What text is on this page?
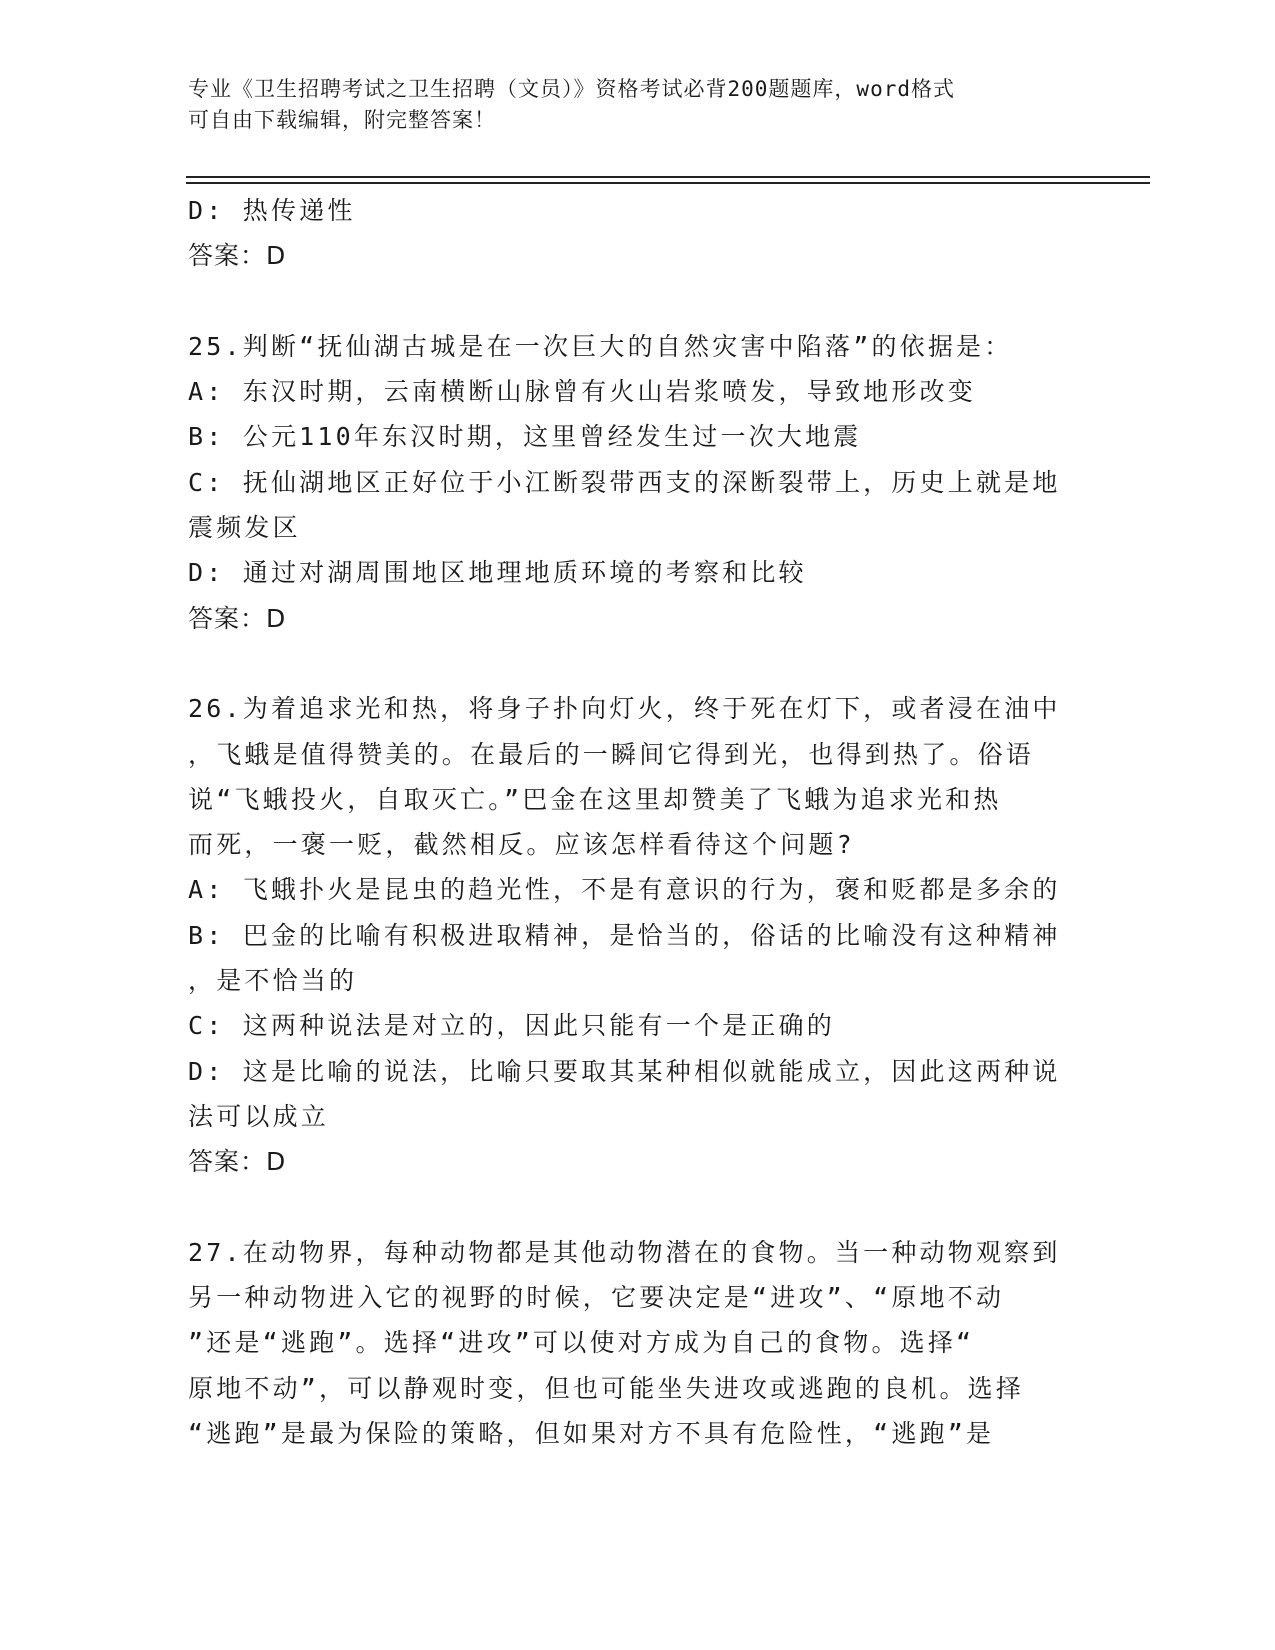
专业《卫生招聘考试之卫生招聘（文员）》资格考试必背200题题库，word格式
可自由下载编辑，附完整答案！
D: 热传递性
答案：D
25.判断“抚仙湖古城是在一次巨大的自然灾害中陷落”的依据是：
A: 东汉时期，云南横断山脉曾有火山岩浆喷发，导致地形改变
B: 公元110年东汉时期，这里曾经发生过一次大地震
C: 抚仙湖地区正好位于小江断裂带西支的深断裂带上，历史上就是地
震频发区
D: 通过对湖周围地区地理地质环境的考察和比较
答案：D
26.为着追求光和热，将身子扑向灯火，终于死在灯下，或者浸在油中
，飞蛾是值得赞美的。在最后的一瞬间它得到光，也得到热了。俗语
说“飞蛾投火，自取灭亡。”巴金在这里却赞美了飞蛾为追求光和热
而死，一褒一贬，截然相反。应该怎样看待这个问题?
A: 飞蛾扑火是昆虫的趋光性，不是有意识的行为，褒和贬都是多余的
B: 巴金的比喻有积极进取精神，是恰当的，俗话的比喻没有这种精神
，是不恰当的
C: 这两种说法是对立的，因此只能有一个是正确的
D: 这是比喻的说法，比喻只要取其某种相似就能成立，因此这两种说
法可以成立
答案：D
27.在动物界，每种动物都是其他动物潜在的食物。当一种动物观察到
另一种动物进入它的视野的时候，它要决定是“进攻”、“原地不动
”还是“逃跑”。选择“进攻”可以使对方成为自己的食物。选择“
原地不动”，可以静观时变，但也可能坐失进攻或逃跑的良机。选择
“逃跑”是最为保险的策略，但如果对方不具有危险性，“逃跑”是
